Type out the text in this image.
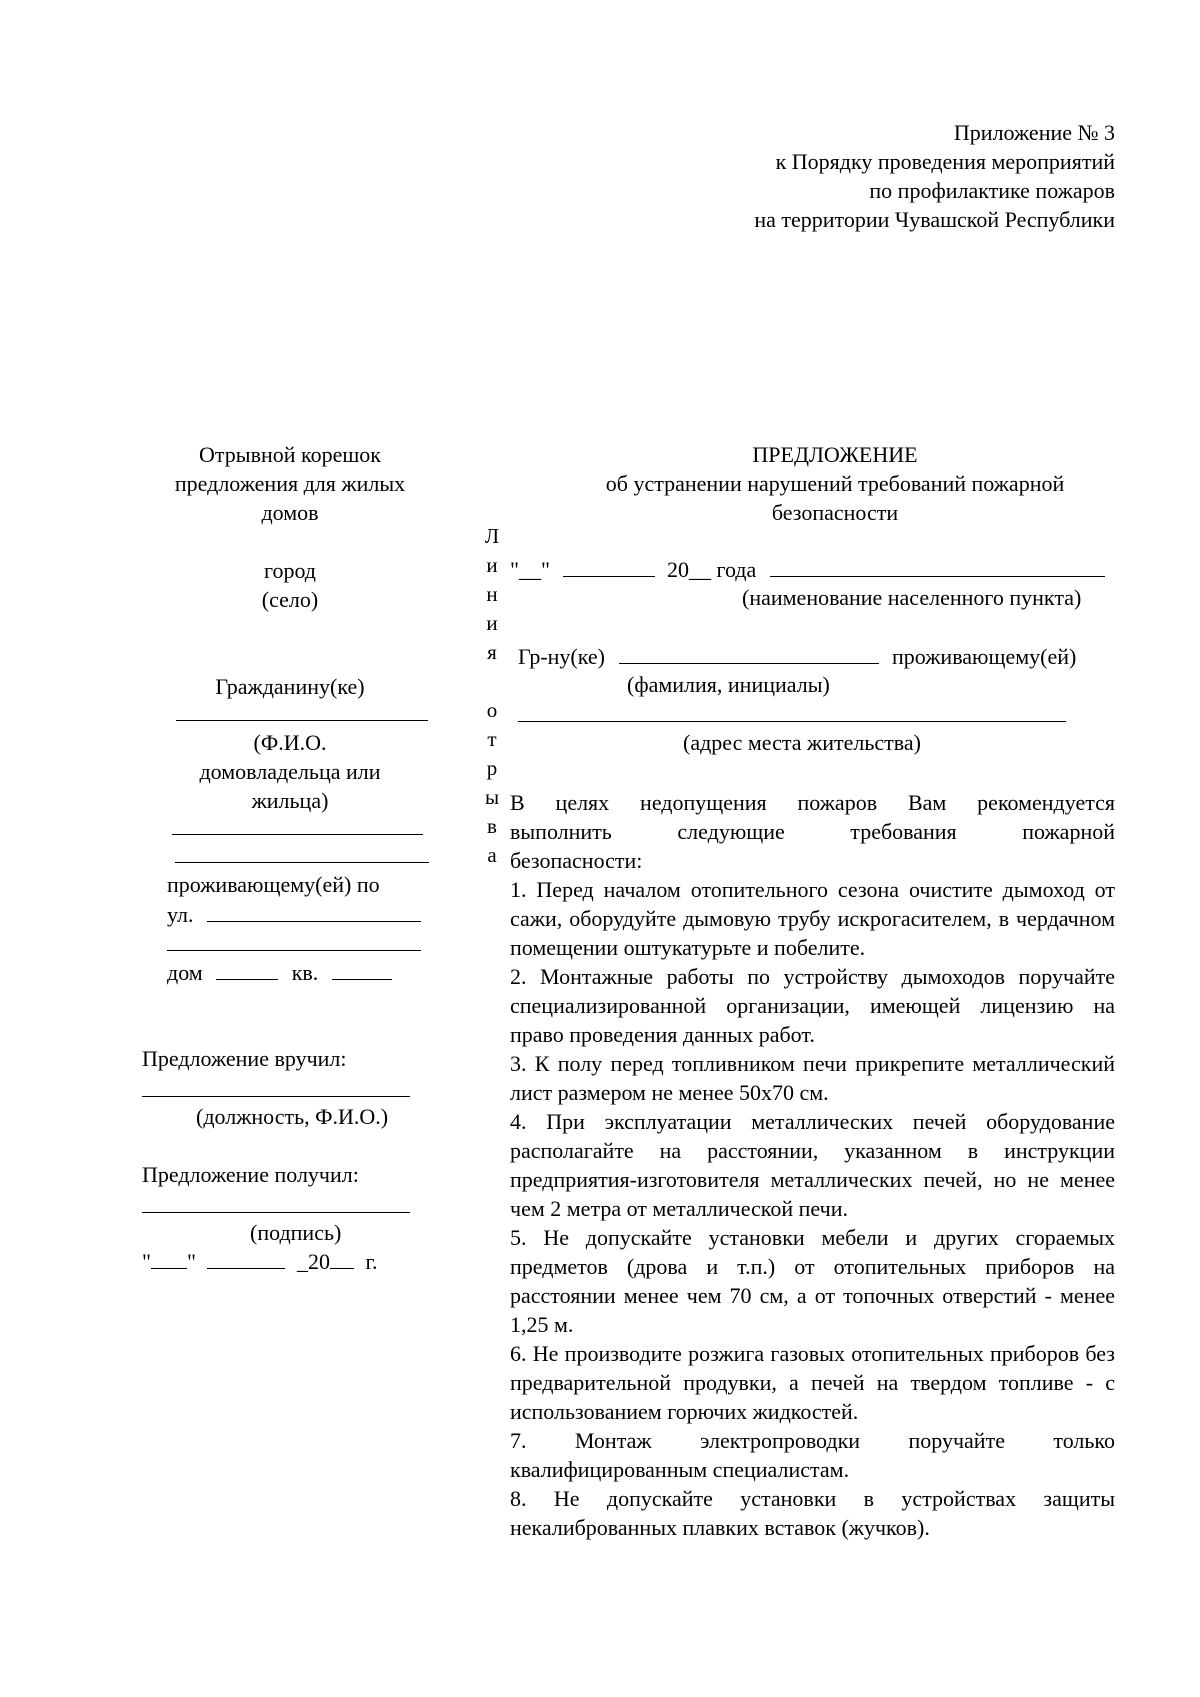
Приложение № 3
к Порядку проведения мероприятий
по профилактике пожаров
на территории Чувашской Республики
Отрывной корешок
предложения для жилых
домов
город
(село)
Гражданину(ке)
(Ф.И.О.
домовладельца или
жильца)
проживающему(ей) по
ул.
дом	кв.
Предложение вручил:
(должность, Ф.И.О.)
Предложение получил:
(подпись)
" "	_20 г.
Л
и
н
и
я
о
т
р
ы
в
а
ПРЕДЛОЖЕНИЕ
об устранении нарушений требований пожарной
безопасности
"__"	20__ года
(наименование населенного пункта)
Гр-ну(ке)	проживающему(ей)
(фамилия, инициалы)
(адрес места жительства)

В целях недопущения пожаров Вам рекомендуется

выполнить следующие требования пожарной

безопасности:

1. Перед началом отопительного сезона очистите дымоход от сажи, оборудуйте дымовую трубу искрогасителем, в чердачном помещении оштукатурьте и побелите.

2. Монтажные работы по устройству дымоходов поручайте специализированной организации, имеющей лицензию на право проведения данных работ.

3. К полу перед топливником печи прикрепите металлический лист размером не менее 50x70 см.

4. При эксплуатации металлических печей оборудование располагайте на расстоянии, указанном в инструкции предприятия-изготовителя металлических печей, но не менее чем 2 метра от металлической печи.

5. Не допускайте установки мебели и других сгораемых предметов (дрова и т.п.) от отопительных приборов на расстоянии менее чем 70 см, а от топочных отверстий - менее 1,25 м.

6. Не производите розжига газовых отопительных приборов без предварительной продувки, а печей на твердом топливе - с использованием горючих жидкостей.

7. Монтаж электропроводки поручайте только квалифицированным специалистам.

8. Не допускайте установки в устройствах защиты некалиброванных плавких вставок (жучков).
